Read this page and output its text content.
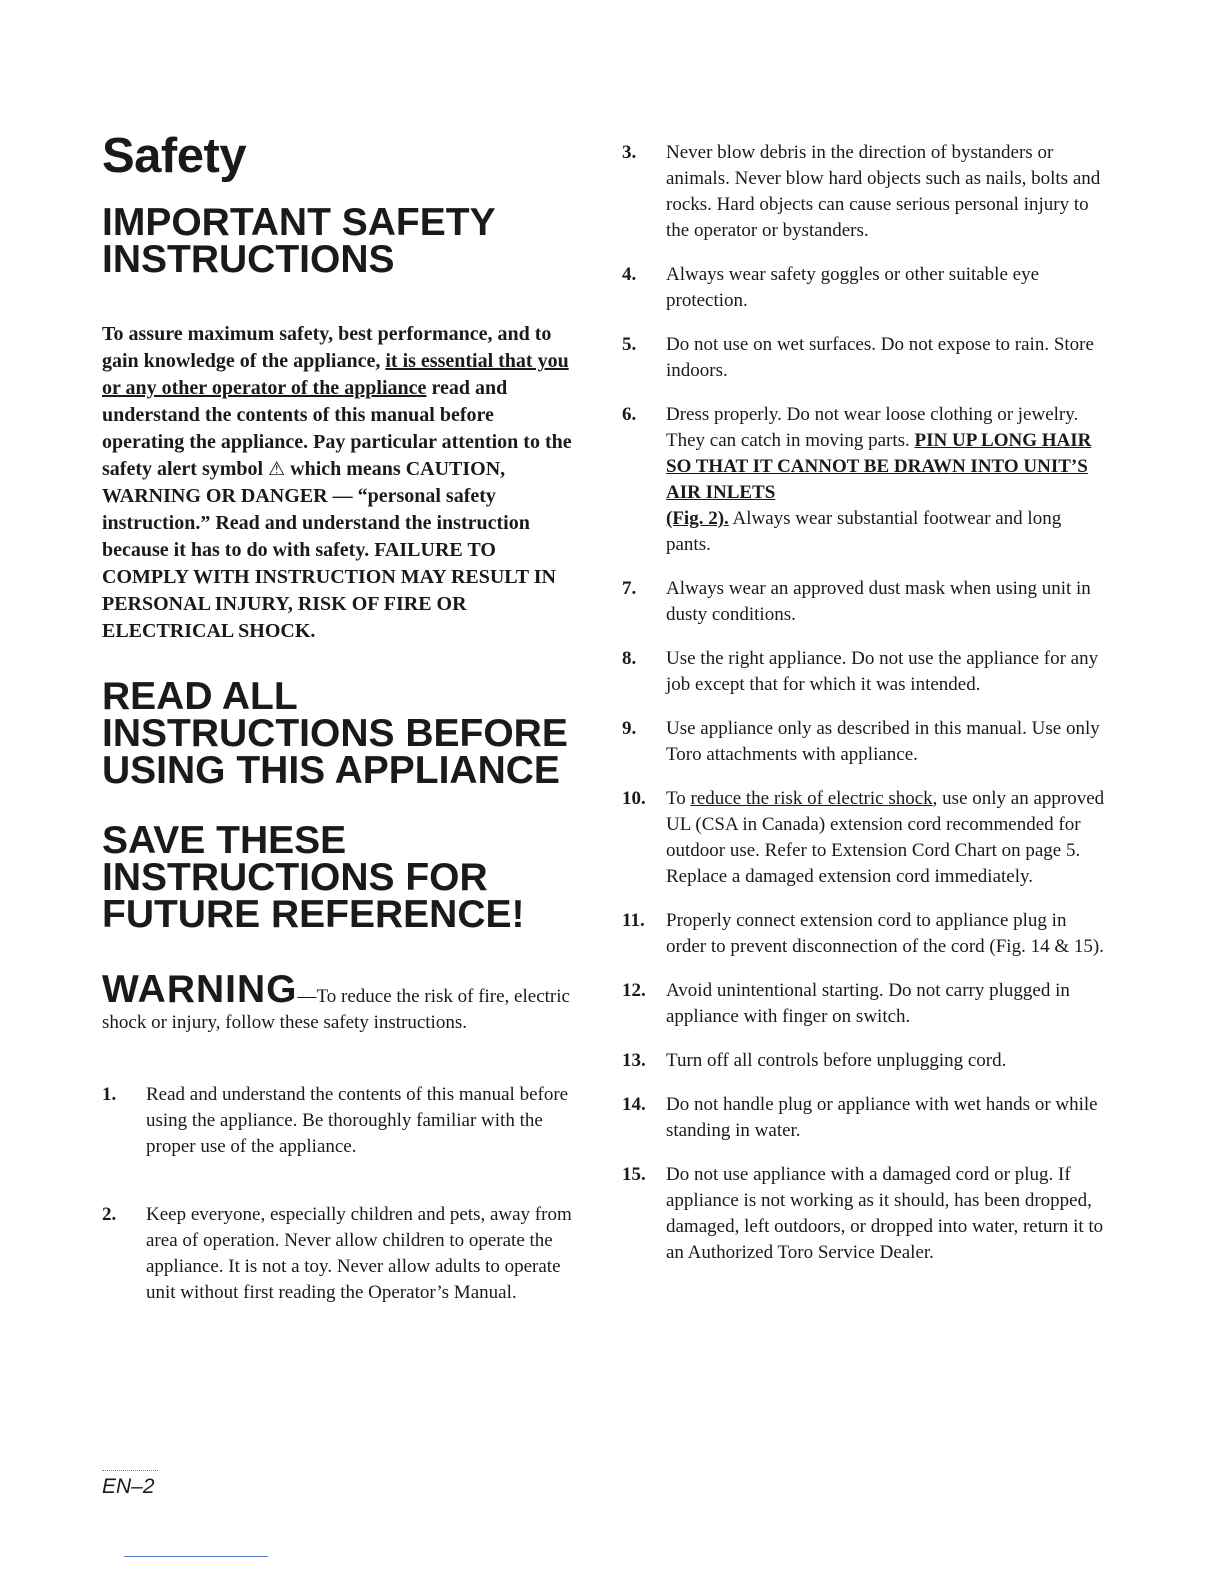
Safety
IMPORTANT SAFETY
INSTRUCTIONS

To assure maximum safety, best performance, and to gain knowledge of the appliance, it is essential that you or any other operator of the appliance read and understand the contents of this manual before operating the appliance. Pay particular attention to the safety alert symbol ⚠ which means CAUTION, WARNING OR DANGER — “personal safety instruction.” Read and understand the instruction because it has to do with safety. FAILURE TO COMPLY WITH INSTRUCTION MAY RESULT IN PERSONAL INJURY, RISK OF FIRE OR ELECTRICAL SHOCK.

READ ALL
INSTRUCTIONS BEFORE
USING THIS APPLIANCE
SAVE THESE
INSTRUCTIONS FOR
FUTURE REFERENCE!

WARNING—To reduce the risk of fire, electric shock or injury, follow these safety instructions.

1. Read and understand the contents of this manual before using the appliance. Be thoroughly familiar with the proper use of the appliance.
2. Keep everyone, especially children and pets, away from area of operation. Never allow children to operate the appliance. It is not a toy. Never allow adults to operate unit without first reading the Operator’s Manual.
3. Never blow debris in the direction of bystanders or animals. Never blow hard objects such as nails, bolts and rocks. Hard objects can cause serious personal injury to the operator or bystanders.
4. Always wear safety goggles or other suitable eye protection.
5. Do not use on wet surfaces. Do not expose to rain. Store indoors.
6. Dress properly. Do not wear loose clothing or jewelry. They can catch in moving parts. PIN UP LONG HAIR SO THAT IT CANNOT BE DRAWN INTO UNIT’S AIR INLETS
(Fig. 2). Always wear substantial footwear and long pants.
7. Always wear an approved dust mask when using unit in dusty conditions.
8. Use the right appliance. Do not use the appliance for any job except that for which it was intended.
9. Use appliance only as described in this manual. Use only Toro attachments with appliance.
10. To reduce the risk of electric shock, use only an approved UL (CSA in Canada) extension cord recommended for outdoor use. Refer to Extension Cord Chart on page 5. Replace a damaged extension cord immediately.
11. Properly connect extension cord to appliance plug in order to prevent disconnection of the cord (Fig. 14 & 15).
12. Avoid unintentional starting. Do not carry plugged in appliance with finger on switch.
13. Turn off all controls before unplugging cord.
14. Do not handle plug or appliance with wet hands or while standing in water.
15. Do not use appliance with a damaged cord or plug. If appliance is not working as it should, has been dropped, damaged, left outdoors, or dropped into water, return it to an Authorized Toro Service Dealer.
EN–2
